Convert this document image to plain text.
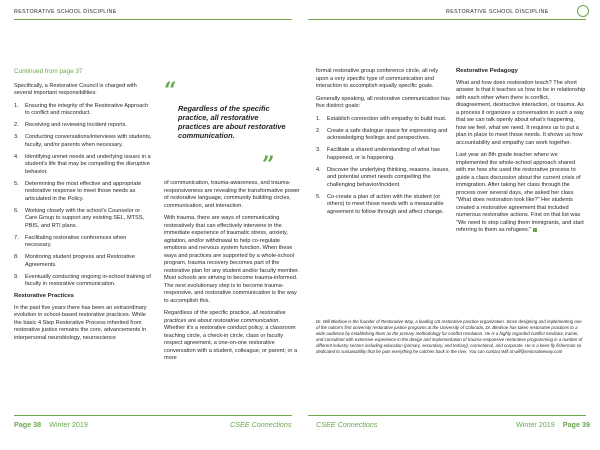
RESTORATIVE SCHOOL DISCIPLINE	RESTORATIVE SCHOOL DISCIPLINE
Continued from page 37

Specifically, a Restorative Council is charged with several important responsibilities:

1. Ensuring the integrity of the Restorative Approach to conflict and misconduct.
2. Receiving and reviewing incident reports.
3. Conducting conversations/interviews with students, faculty, and/or parents when necessary.
4. Identifying unmet needs and underlying issues in a student's life that may be compelling the disruptive behavior.
5. Determining the most effective and appropriate restorative response to meet those needs as articulated in the Policy.
6. Working closely with the school's Counselor or Care Group to support any existing SEL, MTSS, PBIS, and RTI plans.
7. Facilitating restorative conferences when necessary.
8. Monitoring student progress and Restorative Agreements.
9. Eventually conducting ongoing in-school training of faculty in restorative communication.
Restorative Practices

In the past five years there has been an extraordinary evolution in school-based restorative practices. While the basic 4 Step Restorative Process inherited from restorative justice remains the core, advancements in interpersonal neurobiology, neuroscience

“
Regardless of the specific practice, all restorative practices are about restorative communication.
”

of communication, trauma-awareness, and trauma-responsiveness are revealing the transformative power of restorative language, community building circles, communication, and interaction.

With trauma, there are ways of communicating restoratively that can effectively intervene in the immediate experience of traumatic stress, anxiety, agitation, and/or withdrawal to help co-regulate emotions and nervous system function. When these ways and practices are supported by a whole-school program, trauma recovery becomes part of the restorative plan for any student and/or faculty member. Most schools are striving to become trauma-informed. The next evolutionary step is to become trauma-responsive, and restorative communication is the way to accomplish this.

Regardless of the specific practice, all restorative practices are about restorative communication. Whether it's a restorative conduct policy, a classroom teaching circle, a check-in circle, class or faculty respect agreement, a one-on-one restorative conversation with a student, colleague, or parent; or a more

formal restorative group conference circle, all rely upon a very specific type of communication and interaction to accomplish equally specific goals.

Generally speaking, all restorative communication has five distinct goals:

1. Establish connection with empathy to build trust.
2. Create a safe dialogue space for expressing and acknowledging feelings and perspectives.
3. Facilitate a shared understanding of what has happened, or is happening.
4. Discover the underlying thinking, reasons, issues, and potential unmet needs compelling the challenging behavior/incident.
5. Co-create a plan of action with the student (or others) to meet those needs with a measurable agreement to follow through and affect change.
Restorative Pedagogy

What and how does restoration teach? The short answer is that it teaches us how to be in relationship with each other when there is conflict, disagreement, destructive interaction, or trauma. As a process it organizes a conversation in such a way that we can talk openly about what's happening, how we feel, what we need. It requires us to put a plan in place to meet those needs. It shows us how accountability and empathy can work together.

Last year an 8th grade teacher where we implemented the whole-school approach shared with me how she used the restorative process to guide a class discussion about the current crisis of immigration. After taking her class through the process over several days, she asked her class "What does restoration look like?" Her students created a restorative agreement that included numerous restorative actions. First on that list was "We need to stop calling them immigrants, and start referring to them as refugees."

Dr. Will Bledsoe is the founder of Restorative Way, a leading US restorative practice organization. Since designing and implementing one of the nation's first university restorative justice programs at the University of Colorado, Dr. Bledsoe has taken restorative practices to a wide audience by establishing them as the primary methodology for conflict resolution. He is a highly regarded conflict mediator, trainer, and consultant with extensive experience in the design and implementation of trauma-responsive restorative programming in a number of different industry sectors including education (primary, secondary, and tertiary), correctional, and corporate. He is a keen fly fisherman so dedicated to sustainability that he puts everything he catches back in the river. You can contact Will at will@restorativeway.com
Page 38 Winter 2019	CSEE Connections	CSEE Connections	Winter 2019 Page 39
